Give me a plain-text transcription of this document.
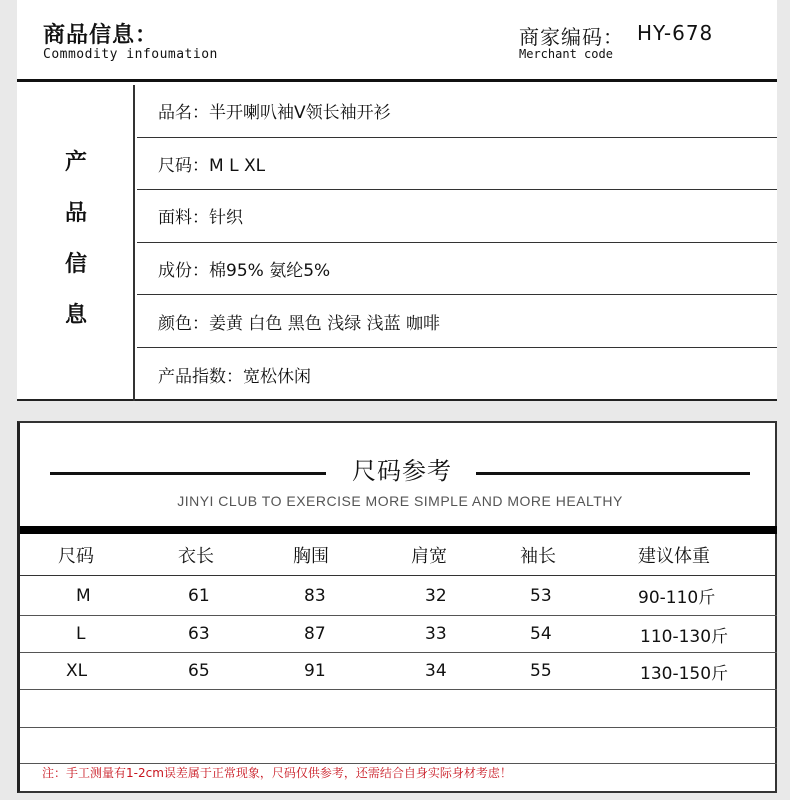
商品信息：
Commodity infoumation
商家编码： HY-678
Merchant code
产
品
信
息
品名：半开喇叭袖V领长袖开衫
尺码：M L XL
面料：针织
成份：棉95% 氨纶5%
颜色：姜黄 白色 黑色 浅绿 浅蓝 咖啡
产品指数：宽松休闲
尺码参考
JINYI CLUB TO EXERCISE MORE SIMPLE AND MORE HEALTHY
尺码	衣长	胸围	肩宽	袖长	建议体重
M	61	83	32	53	90-110斤
L	63	87	33	54	110-130斤
XL	65	91	34	55	130-150斤
注：手工测量有1-2cm误差属于正常现象，尺码仅供参考，还需结合自身实际身材考虑！
